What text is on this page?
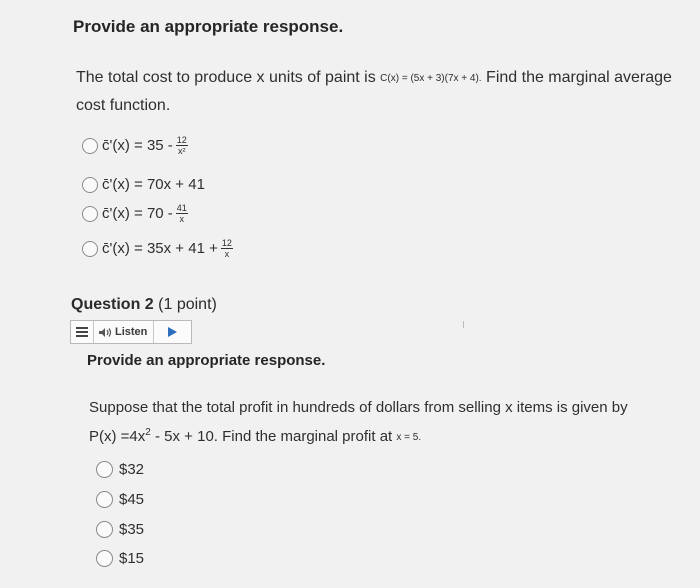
Provide an appropriate response.
The total cost to produce x units of paint is C(x) = (5x + 3)(7x + 4). Find the marginal average cost function.
c̄'(x) = $35 - \frac{12}{\text{x²}}$
c̄'(x) = 70x + 41
c̄'(x) = $70 - \frac{41}{x}$
c̄'(x) = $35x + 41 + \frac{12}{x}$
Question 2 (1 point)
Listen
Provide an appropriate response.
Suppose that the total profit in hundreds of dollars from selling x items is given by
$P(x) =4x^2 - 5x + 10$. Find the marginal profit at x = 5.
$32
$45
$35
$15
